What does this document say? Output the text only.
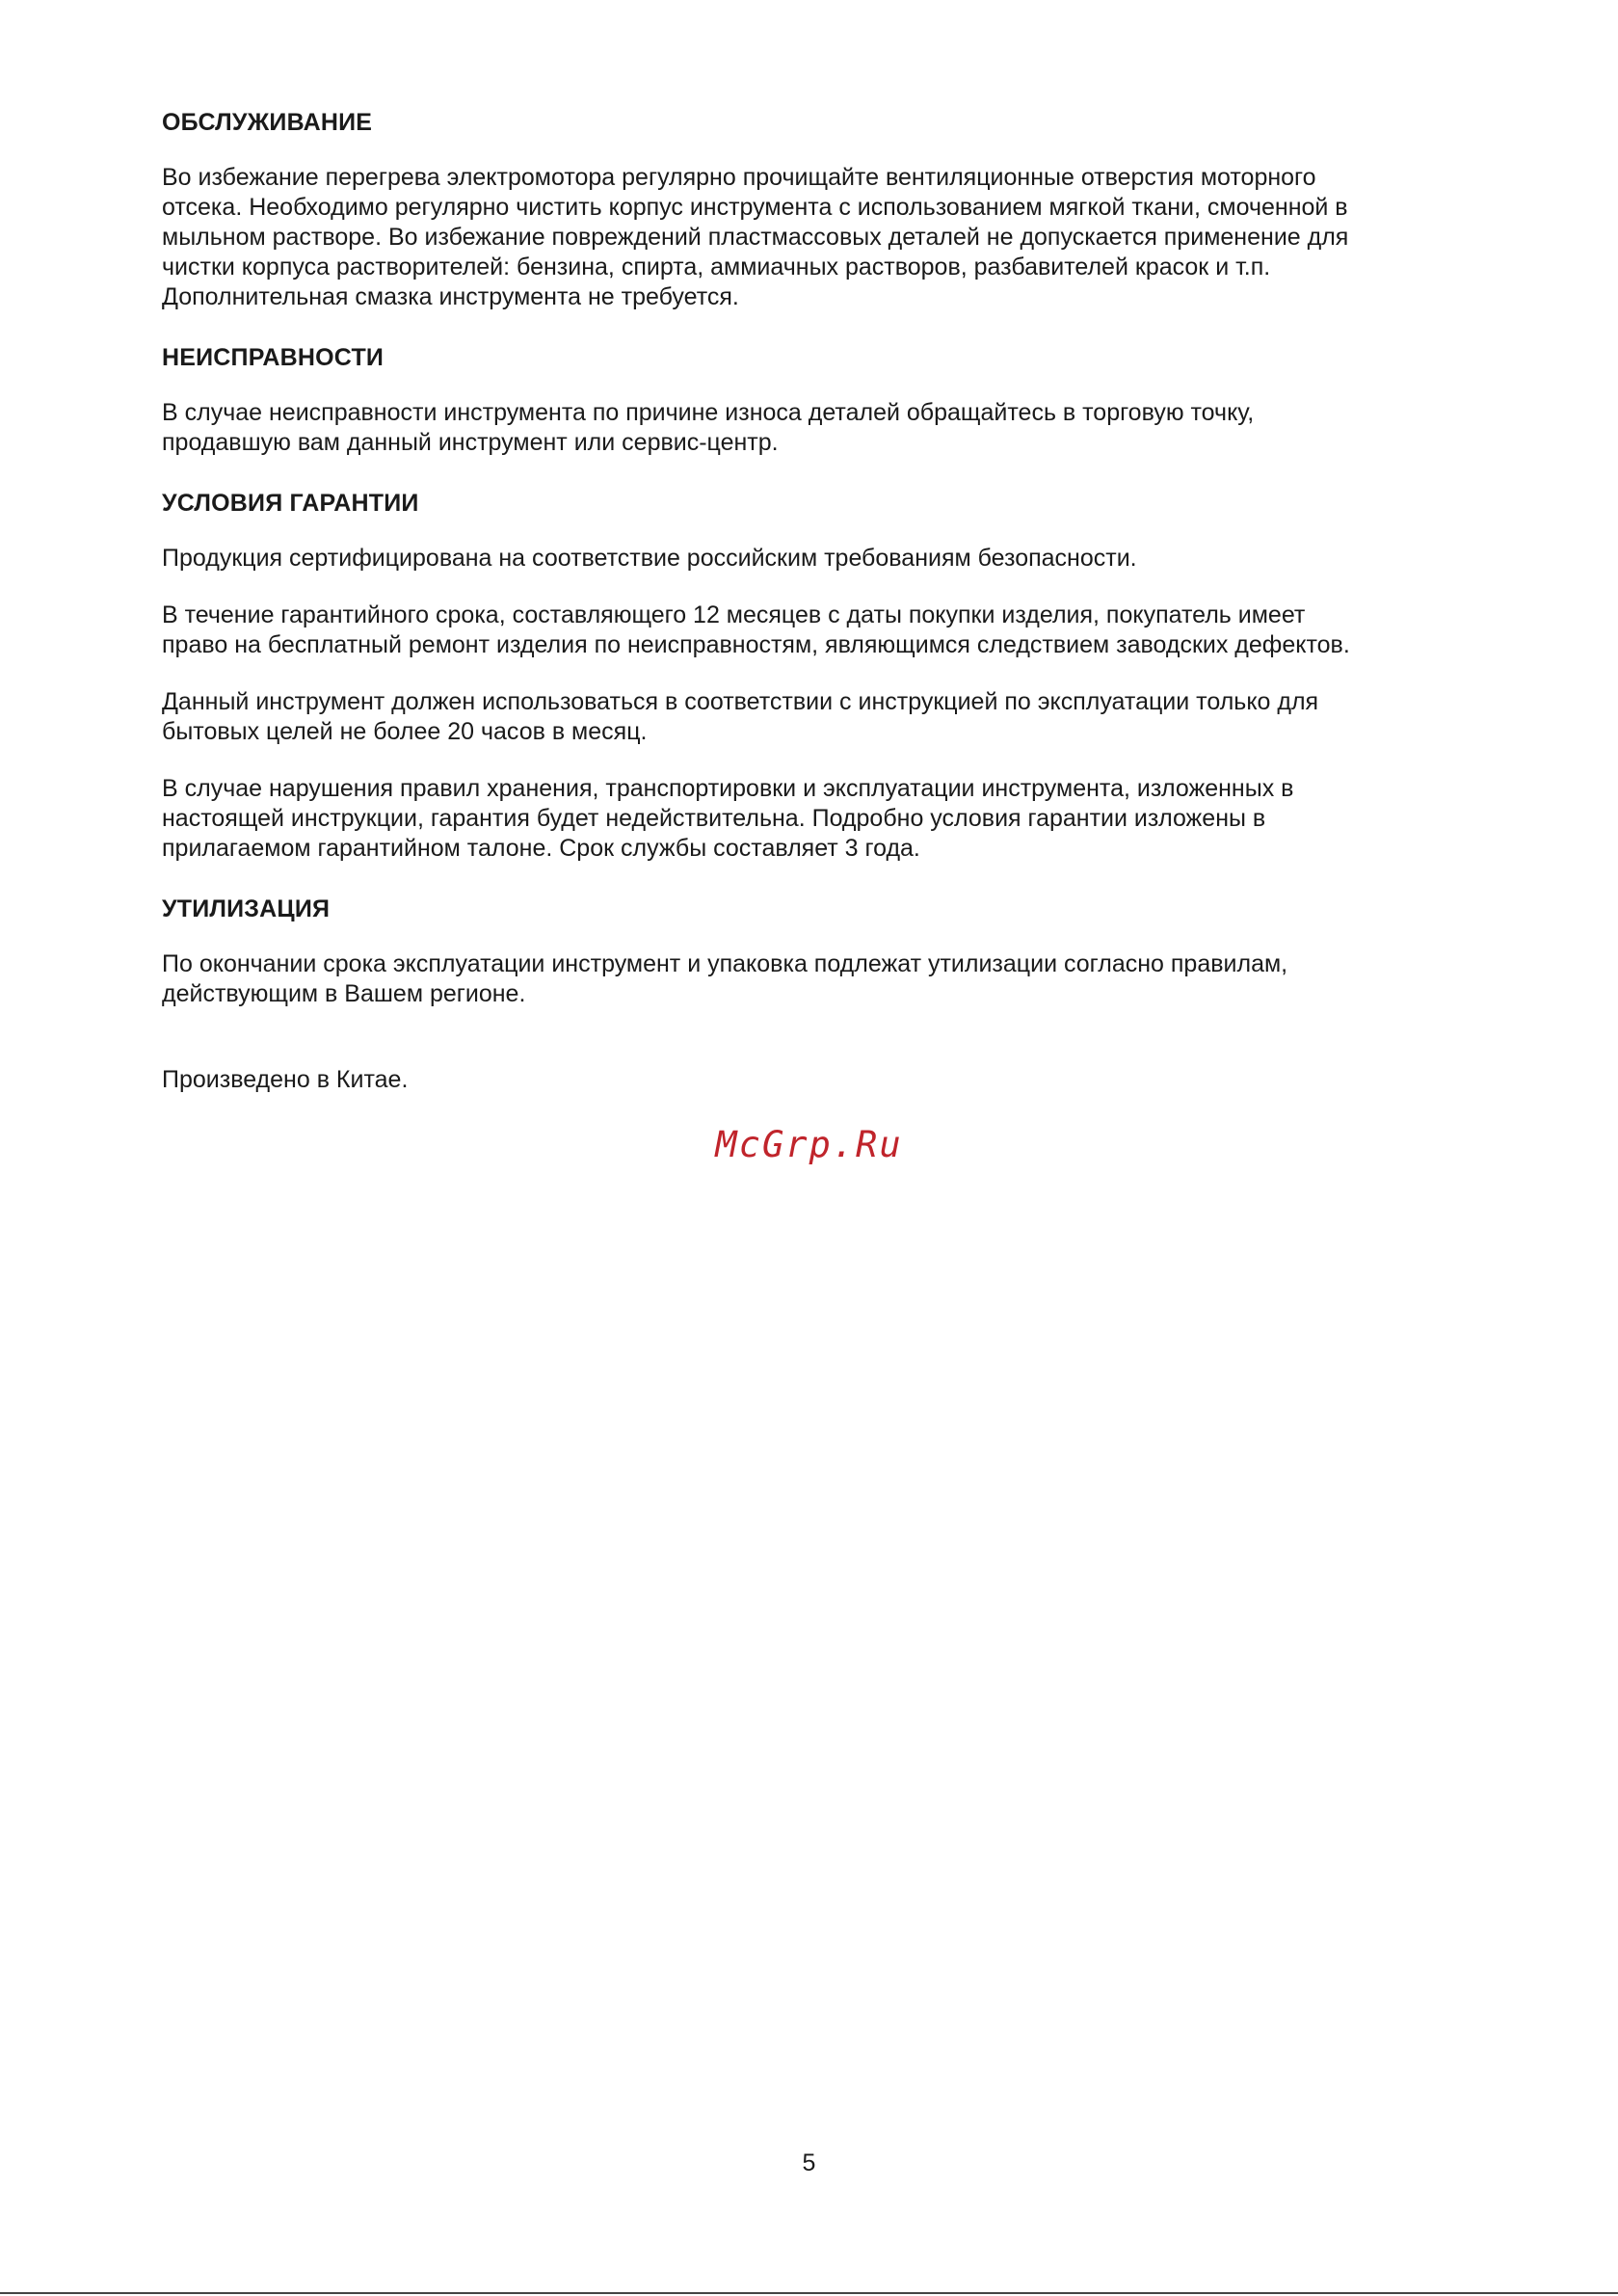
ОБСЛУЖИВАНИЕ

Во избежание перегрева электромотора регулярно прочищайте вентиляционные отверстия моторного
отсека. Необходимо регулярно чистить корпус инструмента с использованием мягкой ткани, смоченной в
мыльном растворе. Во избежание повреждений пластмассовых деталей не допускается применение для
чистки корпуса растворителей: бензина, спирта, аммиачных растворов, разбавителей красок и т.п.
Дополнительная смазка инструмента не требуется.

НЕИСПРАВНОСТИ

В случае неисправности инструмента по причине износа деталей обращайтесь в торговую точку,
продавшую вам данный инструмент или сервис-центр.

УСЛОВИЯ ГАРАНТИИ

Продукция сертифицирована на соответствие российским требованиям безопасности.

В течение гарантийного срока, составляющего 12 месяцев с даты покупки изделия, покупатель имеет
право на бесплатный ремонт изделия по неисправностям, являющимся следствием заводских дефектов.

Данный инструмент должен использоваться в соответствии с инструкцией по эксплуатации только для
бытовых целей не более 20 часов в месяц.

В случае нарушения правил хранения, транспортировки и эксплуатации инструмента, изложенных в
настоящей инструкции, гарантия будет недействительна. Подробно условия гарантии изложены в
прилагаемом гарантийном талоне. Срок службы составляет 3 года.

УТИЛИЗАЦИЯ

По окончании срока эксплуатации инструмент и упаковка подлежат утилизации согласно правилам,
действующим в Вашем регионе.

Произведено в Китае.

McGrp.Ru
5
